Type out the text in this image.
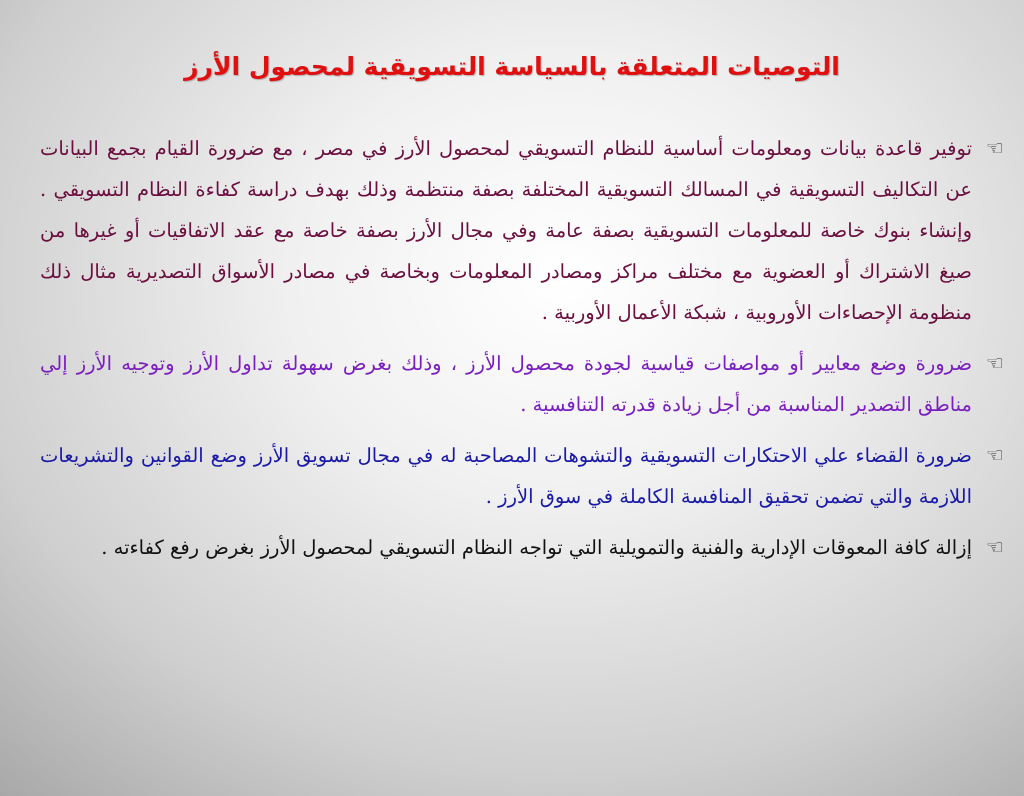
التوصيات المتعلقة بالسياسة التسويقية لمحصول الأرز
☜
توفير قاعدة بيانات ومعلومات أساسية للنظام التسويقي لمحصول الأرز في مصر ، مع ضرورة القيام بجمع البيانات عن التكاليف التسويقية في المسالك التسويقية المختلفة بصفة منتظمة وذلك بهدف دراسة كفاءة النظام التسويقي . وإنشاء بنوك خاصة للمعلومات التسويقية بصفة عامة وفي مجال الأرز بصفة خاصة مع عقد الاتفاقيات أو غيرها من صيغ الاشتراك أو العضوية مع مختلف مراكز ومصادر المعلومات وبخاصة في مصادر الأسواق التصديرية مثال ذلك منظومة الإحصاءات الأوروبية ، شبكة الأعمال الأوربية .
☜
ضرورة وضع معايير أو مواصفات قياسية لجودة محصول الأرز ، وذلك بغرض سهولة تداول الأرز وتوجيه الأرز إلي مناطق التصدير المناسبة من أجل زيادة قدرته التنافسية .
☜
ضرورة القضاء علي الاحتكارات التسويقية والتشوهات المصاحبة له في مجال تسويق الأرز وضع القوانين والتشريعات اللازمة والتي تضمن تحقيق المنافسة الكاملة في سوق الأرز .
☜
إزالة كافة المعوقات الإدارية والفنية والتمويلية التي تواجه النظام التسويقي لمحصول الأرز بغرض رفع كفاءته .
